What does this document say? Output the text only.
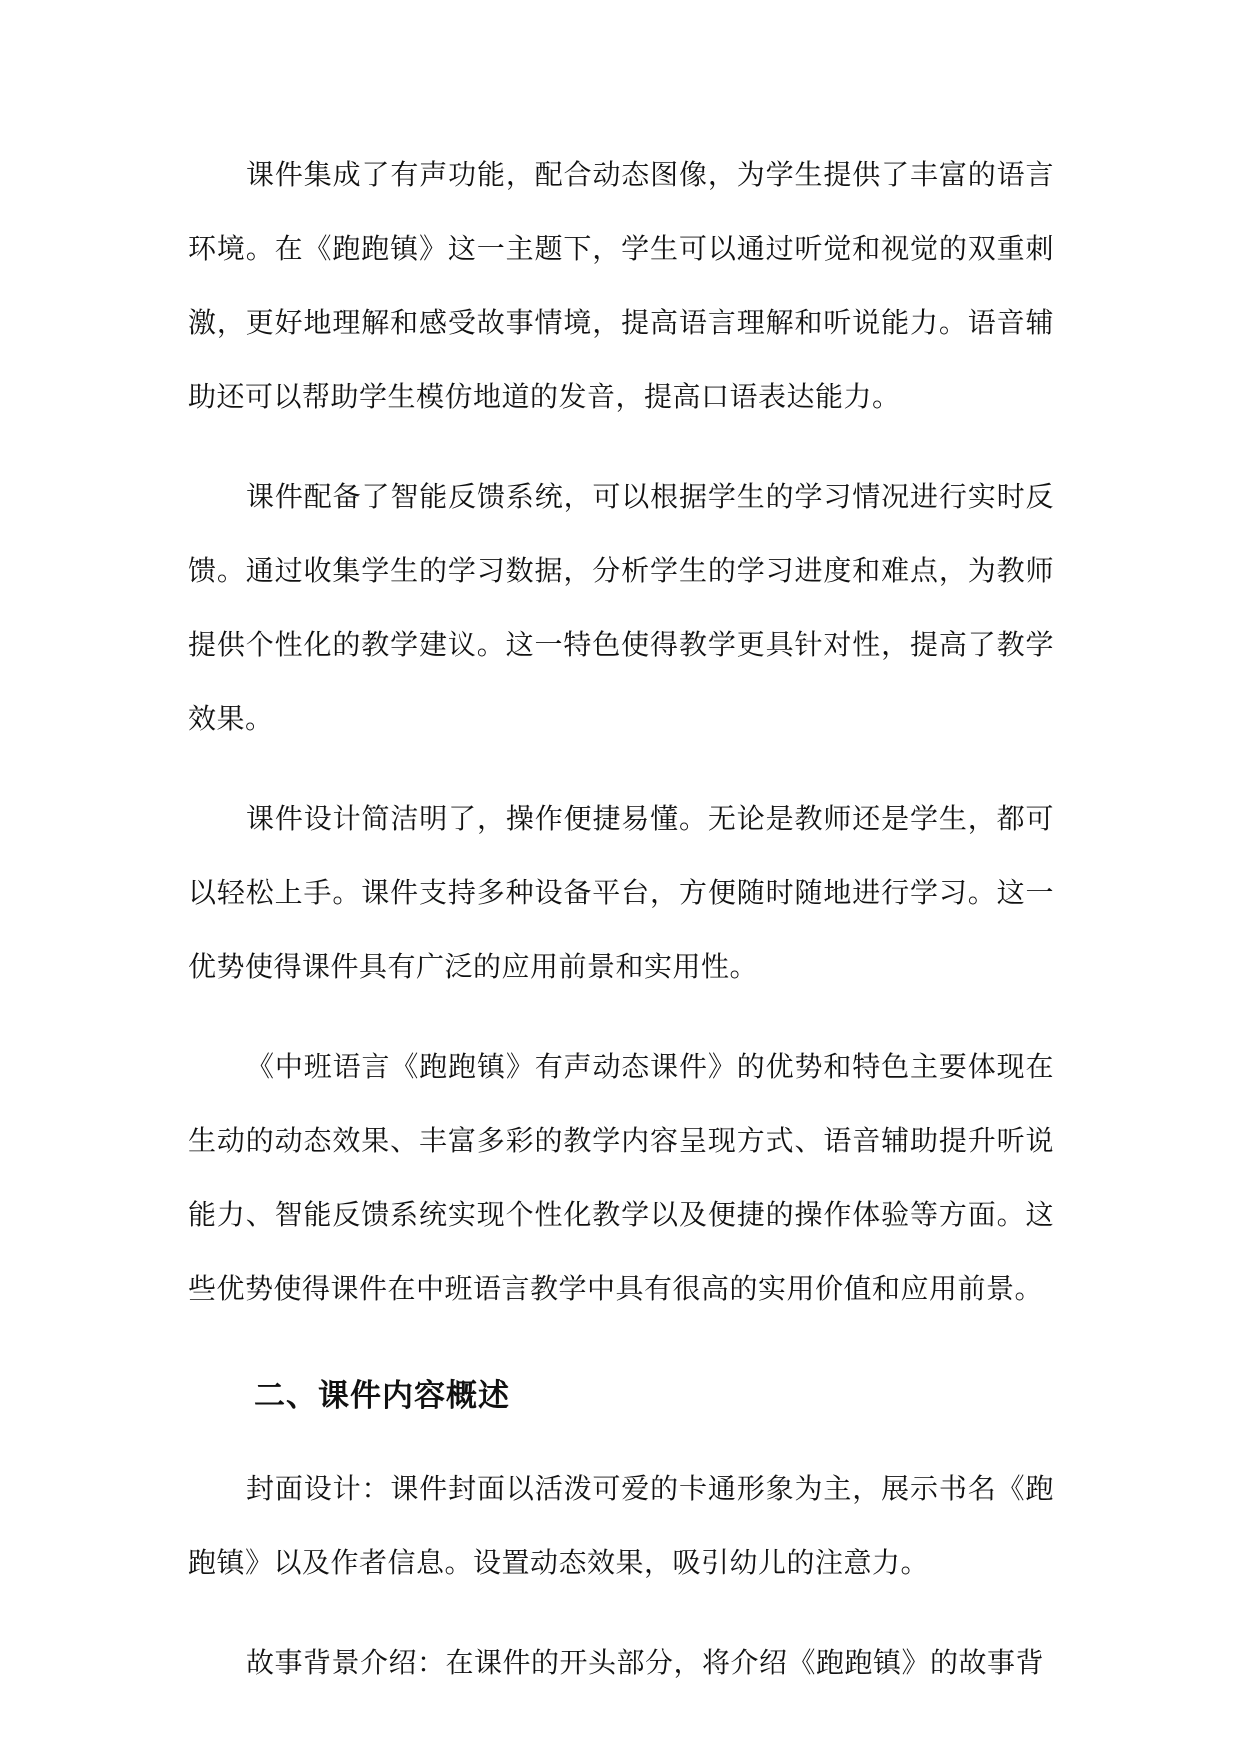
课件集成了有声功能，配合动态图像，为学生提供了丰富的语言环境。在《跑跑镇》这一主题下，学生可以通过听觉和视觉的双重刺激，更好地理解和感受故事情境，提高语言理解和听说能力。语音辅助还可以帮助学生模仿地道的发音，提高口语表达能力。

课件配备了智能反馈系统，可以根据学生的学习情况进行实时反馈。通过收集学生的学习数据，分析学生的学习进度和难点，为教师提供个性化的教学建议。这一特色使得教学更具针对性，提高了教学效果。

课件设计简洁明了，操作便捷易懂。无论是教师还是学生，都可以轻松上手。课件支持多种设备平台，方便随时随地进行学习。这一优势使得课件具有广泛的应用前景和实用性。

《中班语言《跑跑镇》有声动态课件》的优势和特色主要体现在生动的动态效果、丰富多彩的教学内容呈现方式、语音辅助提升听说能力、智能反馈系统实现个性化教学以及便捷的操作体验等方面。这些优势使得课件在中班语言教学中具有很高的实用价值和应用前景。

二、课件内容概述

封面设计：课件封面以活泼可爱的卡通形象为主，展示书名《跑跑镇》以及作者信息。设置动态效果，吸引幼儿的注意力。

故事背景介绍：在课件的开头部分，将介绍《跑跑镇》的故事背
